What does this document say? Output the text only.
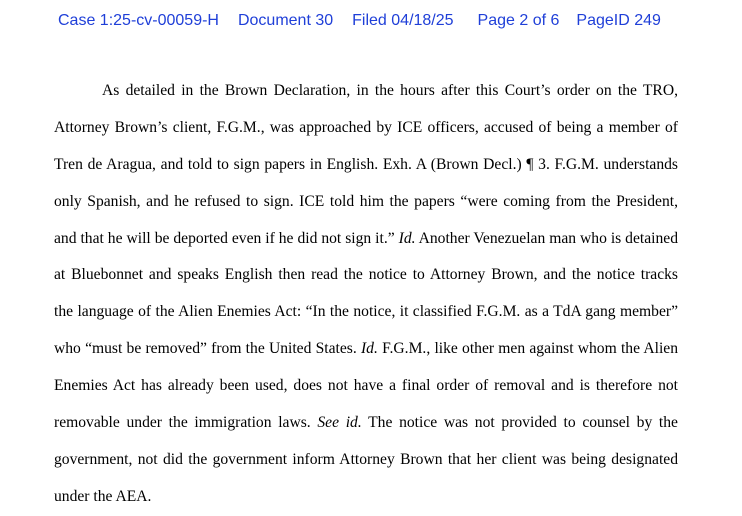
Case 1:25-cv-00059-H Document 30 Filed 04/18/25 Page 2 of 6 PageID 249
As detailed in the Brown Declaration, in the hours after this Court’s order on the TRO,
Attorney Brown’s client, F.G.M., was approached by ICE officers, accused of being a member of
Tren de Aragua, and told to sign papers in English. Exh. A (Brown Decl.) ¶ 3. F.G.M. understands
only Spanish, and he refused to sign. ICE told him the papers “were coming from the President,
and that he will be deported even if he did not sign it.” Id. Another Venezuelan man who is detained
at Bluebonnet and speaks English then read the notice to Attorney Brown, and the notice tracks
the language of the Alien Enemies Act: “In the notice, it classified F.G.M. as a TdA gang member”
who “must be removed” from the United States. Id. F.G.M., like other men against whom the Alien
Enemies Act has already been used, does not have a final order of removal and is therefore not
removable under the immigration laws. See id. The notice was not provided to counsel by the
government, not did the government inform Attorney Brown that her client was being designated
under the AEA.
